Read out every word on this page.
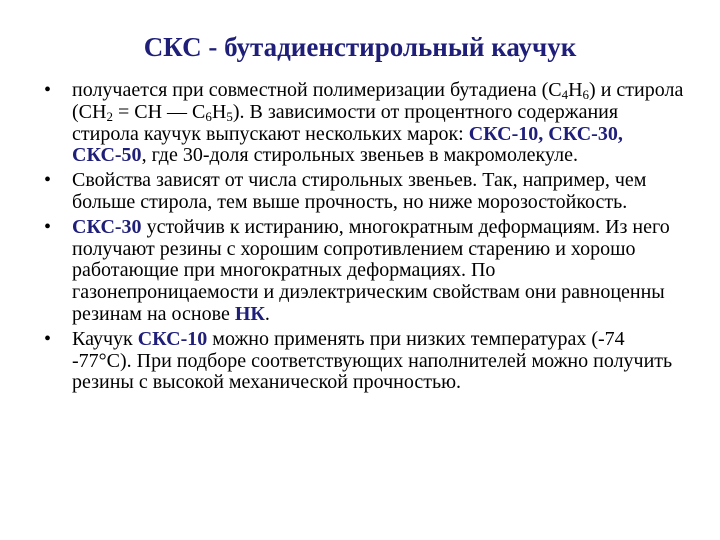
СКС - бутадиенстирольный каучук
• получается при совместной полимеризации бутадиена $(C_4H_6)$ и стирола ($CH_2$ = CH — $C_6H_5$). В зависимости от процентного содержания стирола каучук выпускают нескольких марок: СКС-10, СКС-30, СКС-50, где 30-доля стирольных звеньев в макромолекуле.
• Свойства зависят от числа стирольных звеньев. Так, например, чем больше стирола, тем выше прочность, но ниже морозостойкость.
• СКС-30 устойчив к истиранию, многократным деформациям. Из него получают резины с хорошим сопротивлением старению и хорошо работающие при многократных деформациях. По газонепроницаемости и диэлектрическим свойствам они равноценны резинам на основе НК.
• Каучук СКС-10 можно применять при низких температурах (-74 -77°С). При подборе соответствующих наполнителей можно получить резины с высокой механической прочностью.
